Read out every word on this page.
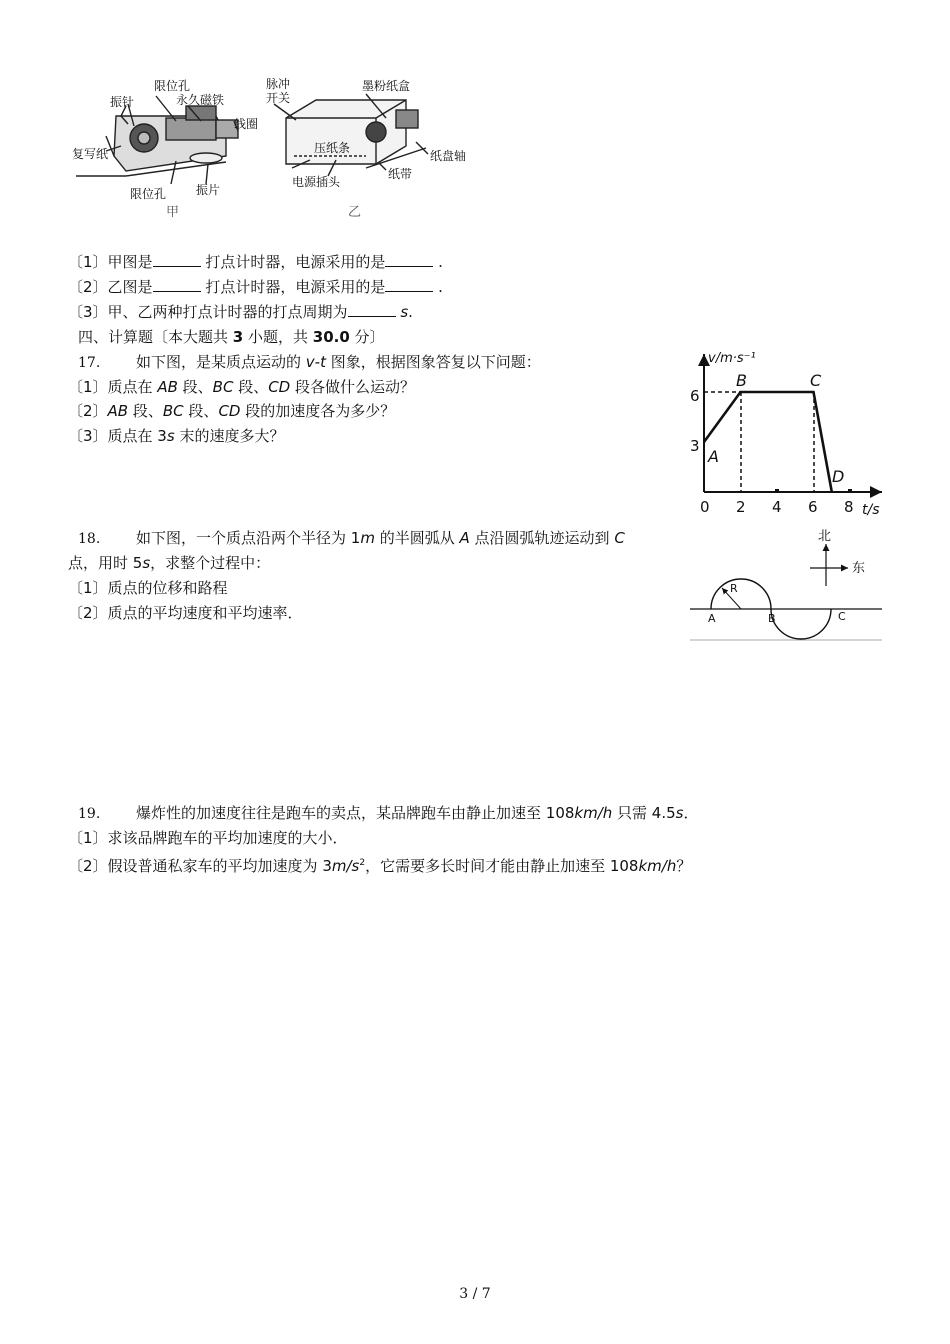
限位孔
永久磁铁
振针
线圈
复写纸
限位孔 振片
甲
脉冲
开关
墨粉纸盒
压纸条
纸盘轴
电源插头
纸带
乙
〔1〕甲图是	打点计时器，电源采用的是	.
〔2〕乙图是	打点计时器，电源采用的是	.
〔3〕甲、乙两种打点计时器的打点周期为	s.
四、计算题〔本大题共 3 小题，共 30.0 分〕
17. 如下图，是某质点运动的 v-t 图象，根据图象答复以下问题：
〔1〕质点在 AB 段、BC 段、CD 段各做什么运动？
〔2〕AB 段、BC 段、CD 段的加速度各为多少？
〔3〕质点在 3s 末的速度多大？
v/m·s⁻¹
t/s
6
3
0 2 4 6 8
A
B	C
D
18. 如下图，一个质点沿两个半径为 1m 的半圆弧从 A 点沿圆弧轨迹运动到 C
点，用时 5s，求整个过程中：
〔1〕质点的位移和路程
〔2〕质点的平均速度和平均速率．
北
东
R
A	B	C
19. 爆炸性的加速度往往是跑车的卖点，某品牌跑车由静止加速至 108km/h 只需 4.5s．
〔1〕求该品牌跑车的平均加速度的大小．
〔2〕假设普通私家车的平均加速度为 $3m/s^2$，它需要多长时间才能由静止加速至 108km/h？
3 / 7
